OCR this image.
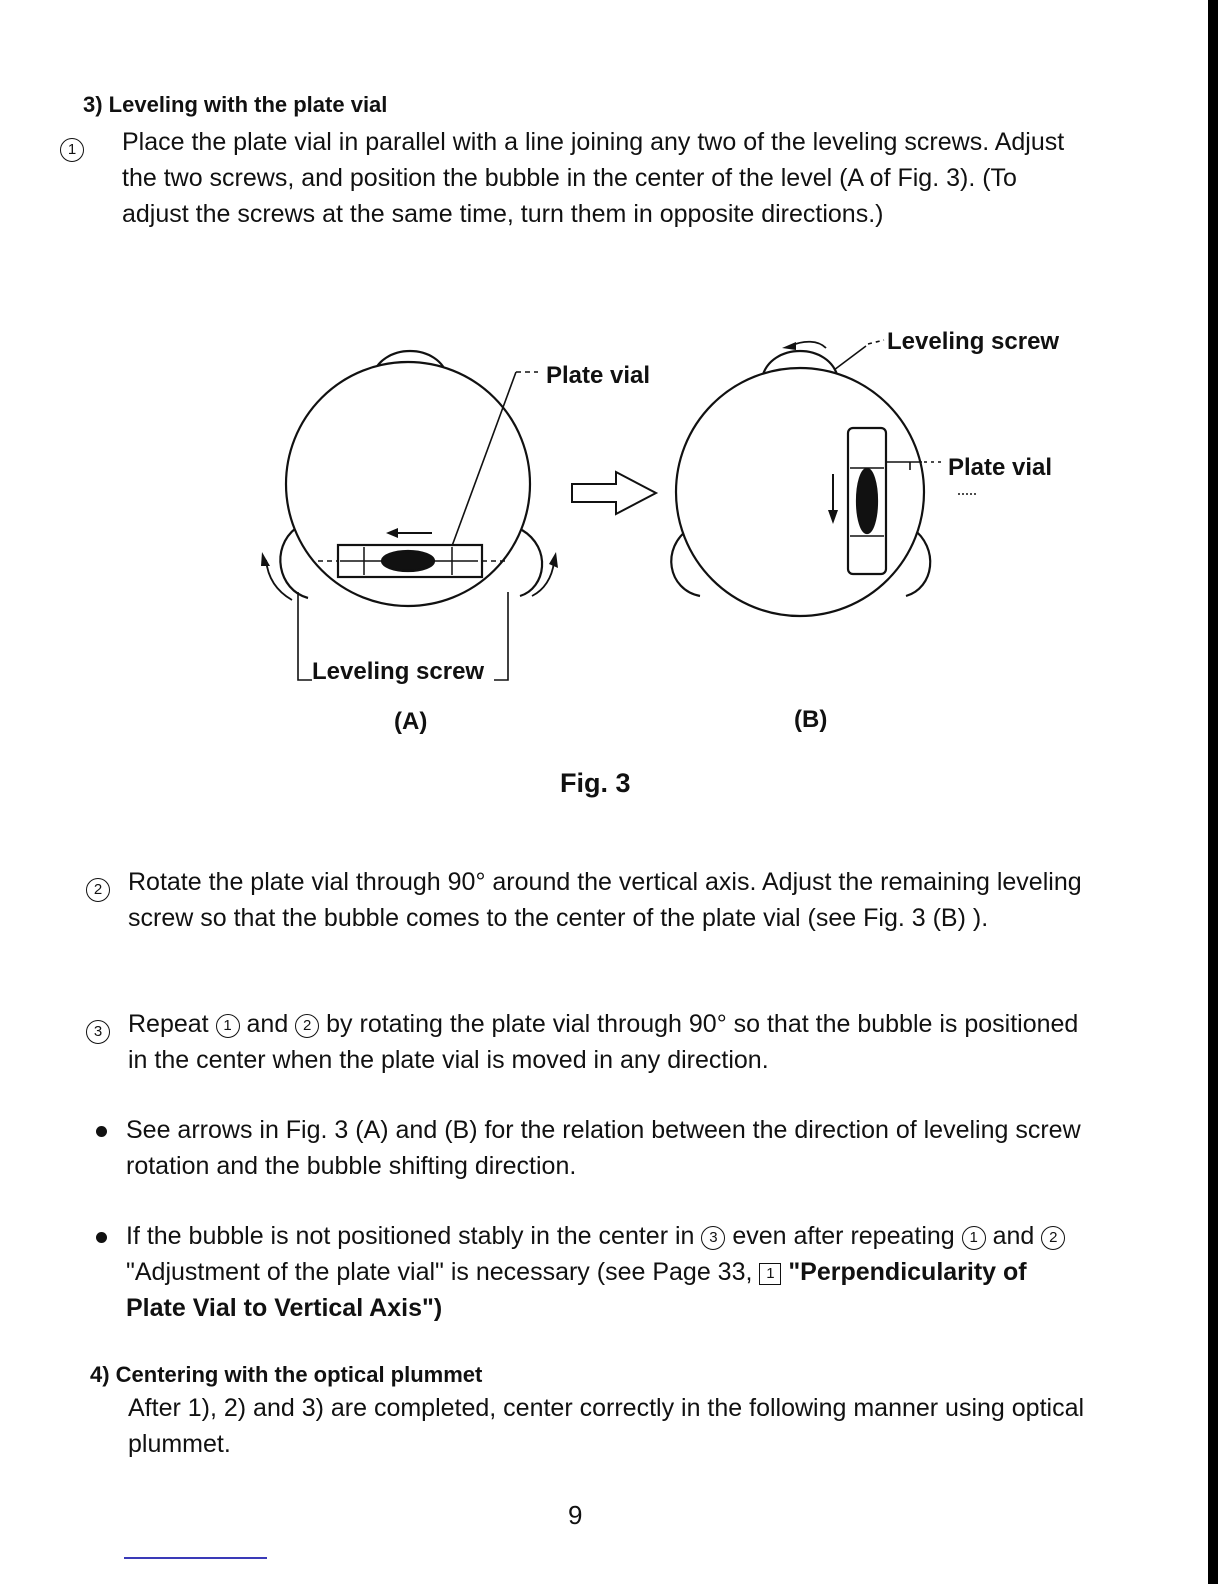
3) Leveling with the plate vial
1	Place the plate vial in parallel with a line joining any two of the leveling screws. Adjust the two screws, and position the bubble in the center of the level (A of Fig. 3). (To adjust the screws at the same time, turn them in opposite directions.)
Plate vial
Leveling screw
(A)
Leveling screw
Plate vial
(B)
Fig. 3
2	Rotate the plate vial through 90° around the vertical axis. Adjust the remaining leveling screw so that the bubble comes to the center of the plate vial (see Fig. 3 (B) ).
3	Repeat 1 and 2 by rotating the plate vial through 90° so that the bubble is positioned in the center when the plate vial is moved in any direction.
See arrows in Fig. 3 (A) and (B) for the relation between the direction of leveling screw rotation and the bubble shifting direction.
If the bubble is not positioned stably in the center in 3 even after repeating 1 and 2 "Adjustment of the plate vial" is necessary (see Page 33, 1 "Perpendicularity of Plate Vial to Vertical Axis")
4) Centering with the optical plummet
After 1), 2) and 3) are completed, center correctly in the following manner using optical plummet.
9
